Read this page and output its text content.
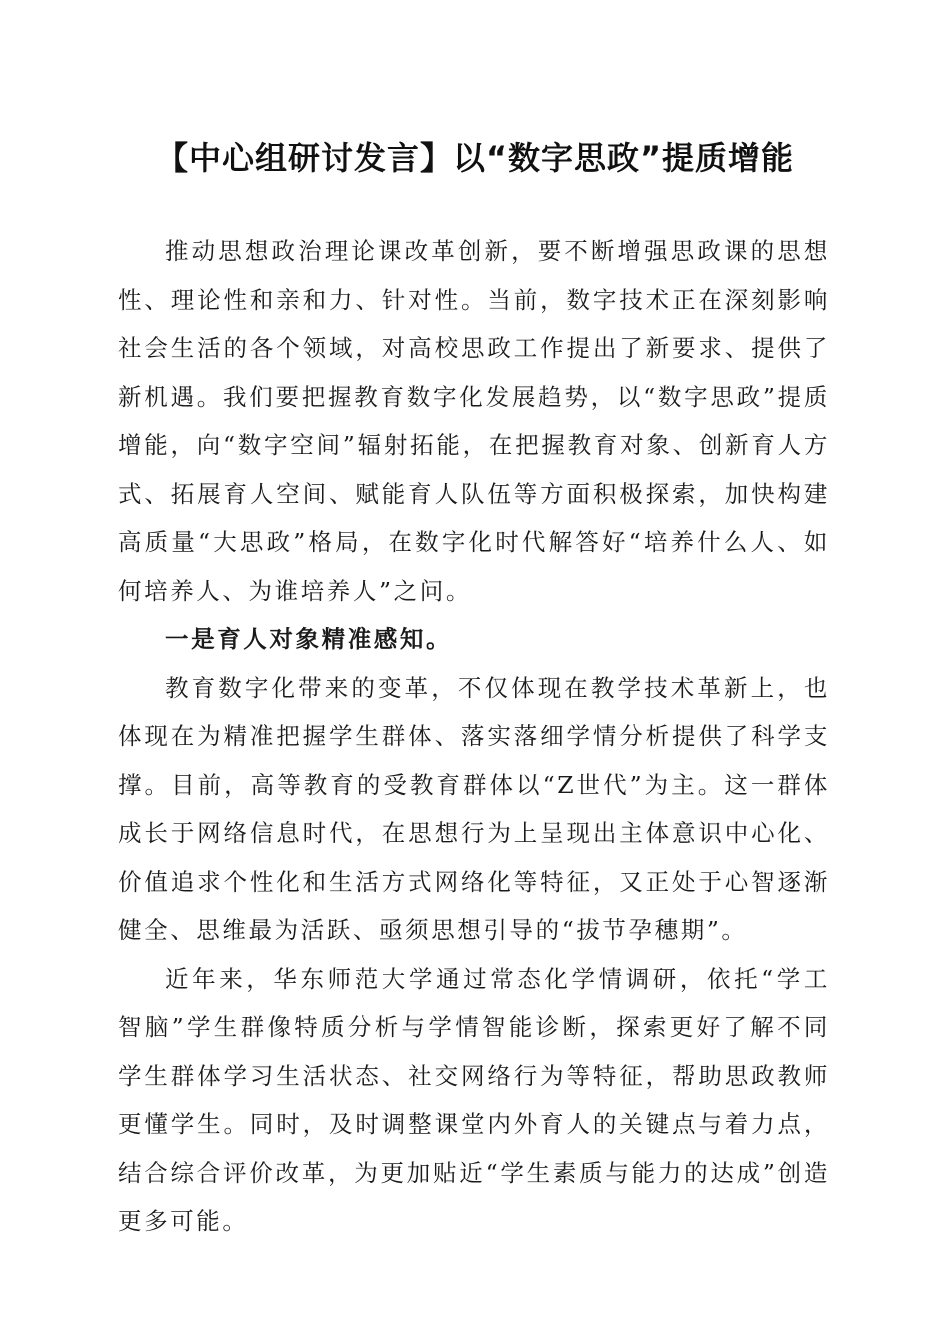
【中心组研讨发言】以“数字思政”提质增能

推动思想政治理论课改革创新，要不断增强思政课的思想性、理论性和亲和力、针对性。当前，数字技术正在深刻影响社会生活的各个领域，对高校思政工作提出了新要求、提供了新机遇。我们要把握教育数字化发展趋势，以“数字思政”提质增能，向“数字空间”辐射拓能，在把握教育对象、创新育人方式、拓展育人空间、赋能育人队伍等方面积极探索，加快构建高质量“大思政”格局，在数字化时代解答好“培养什么人、如何培养人、为谁培养人”之问。

一是育人对象精准感知。

教育数字化带来的变革，不仅体现在教学技术革新上，也体现在为精准把握学生群体、落实落细学情分析提供了科学支撑。目前，高等教育的受教育群体以“Z世代”为主。这一群体成长于网络信息时代，在思想行为上呈现出主体意识中心化、价值追求个性化和生活方式网络化等特征，又正处于心智逐渐健全、思维最为活跃、亟须思想引导的“拔节孕穗期”。

近年来，华东师范大学通过常态化学情调研，依托“学工智脑”学生群像特质分析与学情智能诊断，探索更好了解不同学生群体学习生活状态、社交网络行为等特征，帮助思政教师更懂学生。同时，及时调整课堂内外育人的关键点与着力点，结合综合评价改革，为更加贴近“学生素质与能力的达成”创造更多可能。
